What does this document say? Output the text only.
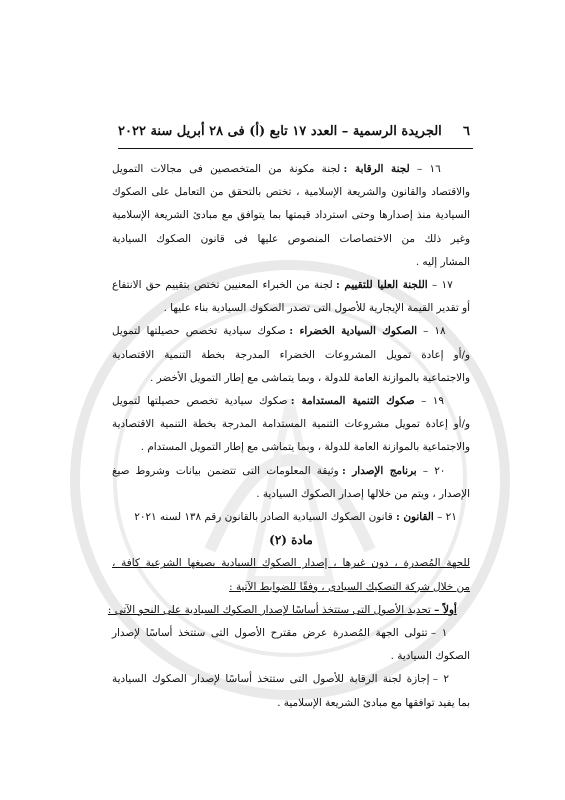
٦
الجريدة الرسمية – العدد ١٧ تابع (أ) فى ٢٨ أبريل سنة ٢٠٢٢
١٦ – لجنة الرقابة : لجنة مكونة من المتخصصين فى مجالات التمويل
والاقتصاد والقانون والشريعة الإسلامية ، تختص بالتحقق من التعامل على الصكوك
السيادية منذ إصدارها وحتى استرداد قيمتها بما يتوافق مع مبادئ الشريعة الإسلامية
وغير ذلك من الاختصاصات المنصوص عليها فى قانون الصكوك السيادية
المشار إليه .
١٧ – اللجنة العليا للتقييم : لجنة من الخبراء المعنيين تختص بتقييم حق الانتفاع
أو تقدير القيمة الإيجارية للأصول التى تصدر الصكوك السيادية بناء عليها .
١٨ – الصكوك السيادية الخضراء : صكوك سيادية تخصص حصيلتها لتمويل
و/أو إعادة تمويل المشروعات الخضراء المدرجة بخطة التنمية الاقتصادية
والاجتماعية بالموازنة العامة للدولة ، وبما يتماشى مع إطار التمويل الأخضر .
١٩ – صكوك التنمية المستدامة : صكوك سيادية تخصص حصيلتها لتمويل
و/أو إعادة تمويل مشروعات التنمية المستدامة المدرجة بخطة التنمية الاقتصادية
والاجتماعية بالموازنة العامة للدولة ، وبما يتماشى مع إطار التمويل المستدام .
٢٠ – برنامج الإصدار : وثيقة المعلومات التى تتضمن بيانات وشروط صيغ
الإصدار ، ويتم من خلالها إصدار الصكوك السيادية .
٢١ – القانون : قانون الصكوك السيادية الصادر بالقانون رقم ١٣٨ لسنه ٢٠٢١
مادة (٢)
للجهة المُصدرة ، دون غيرها ، إصدار الصكوك السيادية بصيغها الشرعية كافة ،
من خلال شركة التصكيك السيادى ، وفقًا للضوابط الآتية :
أولاً – تحديد الأصول التى ستتخذ أساسًا لإصدار الصكوك السيادية على النحو الآتى :
١ – تتولى الجهة المُصدرة عرض مقترح الأصول التى ستتخذ أساسًا لإصدار
الصكوك السيادية .
٢ – إجازة لجنة الرقابة للأصول التى ستتخذ أساسًا لإصدار الصكوك السيادية
بما يفيد توافقها مع مبادئ الشريعة الإسلامية .
